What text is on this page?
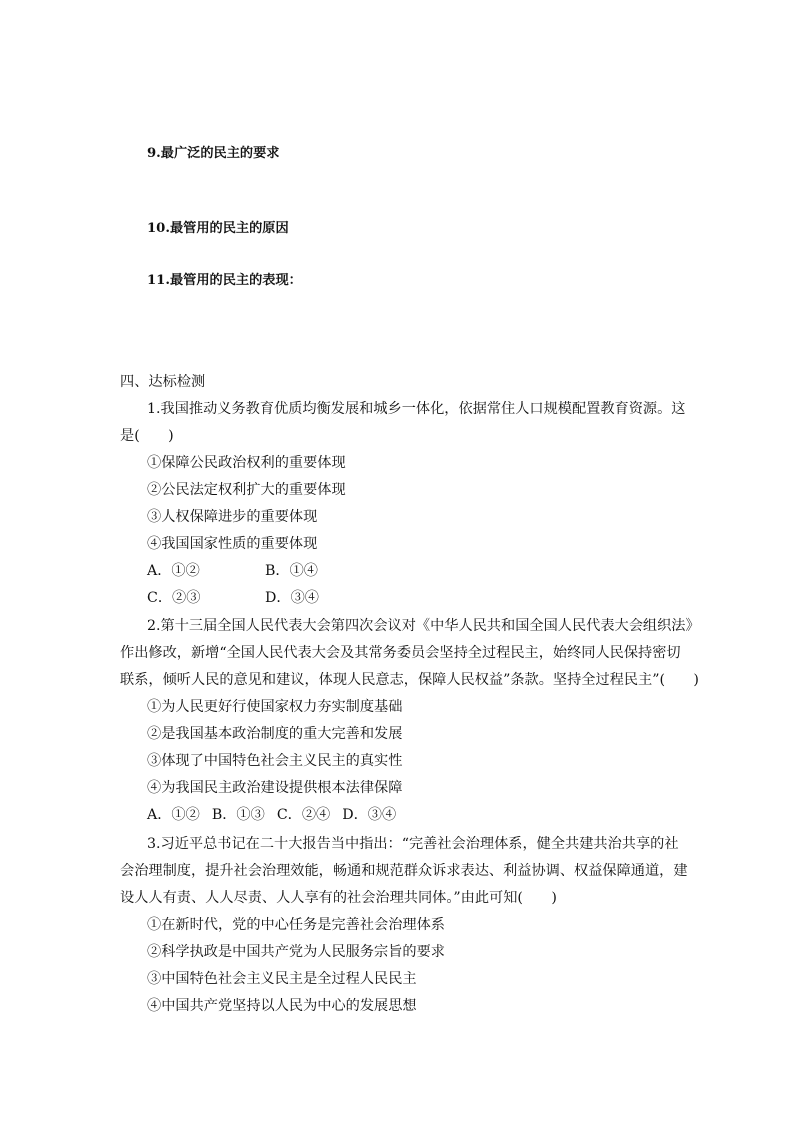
9.最广泛的民主的要求
10.最管用的民主的原因
11.最管用的民主的表现：
四、达标检测
1.我国推动义务教育优质均衡发展和城乡一体化，依据常住人口规模配置教育资源。这
是(　　)
①保障公民政治权利的重要体现
②公民法定权利扩大的重要体现
③人权保障进步的重要体现
④我国国家性质的重要体现
A．①②	B．①④
C．②③	D．③④
2.第十三届全国人民代表大会第四次会议对《中华人民共和国全国人民代表大会组织法》
作出修改，新增“全国人民代表大会及其常务委员会坚持全过程民主，始终同人民保持密切
联系，倾听人民的意见和建议，体现人民意志，保障人民权益”条款。坚持全过程民主”(　　)
①为人民更好行使国家权力夯实制度基础
②是我国基本政治制度的重大完善和发展
③体现了中国特色社会主义民主的真实性
④为我国民主政治建设提供根本法律保障
A．①② B．①③ C．②④ D．③④
3.习近平总书记在二十大报告当中指出：“完善社会治理体系，健全共建共治共享的社
会治理制度，提升社会治理效能，畅通和规范群众诉求表达、利益协调、权益保障通道，建
设人人有责、人人尽责、人人享有的社会治理共同体。”由此可知(　　)
①在新时代，党的中心任务是完善社会治理体系
②科学执政是中国共产党为人民服务宗旨的要求
③中国特色社会主义民主是全过程人民民主
④中国共产党坚持以人民为中心的发展思想
